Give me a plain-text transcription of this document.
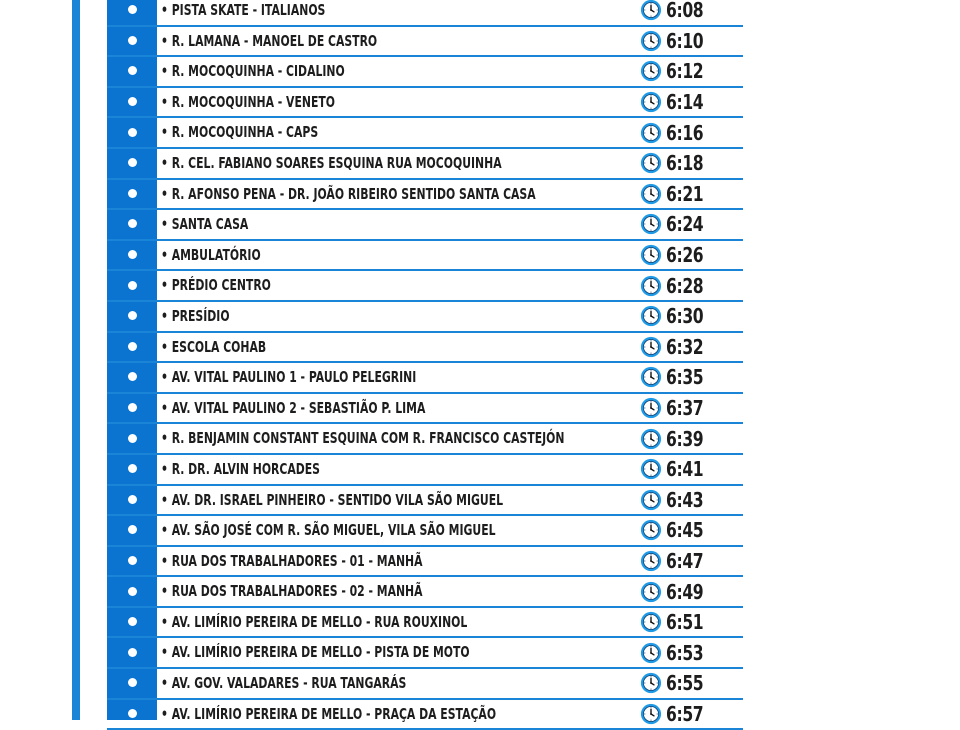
• PISTA SKATE - ITALIANOS	6:08
• R. LAMANA - MANOEL DE CASTRO	6:10
• R. MOCOQUINHA - CIDALINO	6:12
• R. MOCOQUINHA - VENETO	6:14
• R. MOCOQUINHA - CAPS	6:16
• R. CEL. FABIANO SOARES ESQUINA RUA MOCOQUINHA	6:18
• R. AFONSO PENA - DR. JOÃO RIBEIRO SENTIDO SANTA CASA	6:21
• SANTA CASA	6:24
• AMBULATÓRIO	6:26
• PRÉDIO CENTRO	6:28
• PRESÍDIO	6:30
• ESCOLA COHAB	6:32
• AV. VITAL PAULINO 1 - PAULO PELEGRINI	6:35
• AV. VITAL PAULINO 2 - SEBASTIÃO P. LIMA	6:37
• R. BENJAMIN CONSTANT ESQUINA COM R. FRANCISCO CASTEJÓN	6:39
• R. DR. ALVIN HORCADES	6:41
• AV. DR. ISRAEL PINHEIRO - SENTIDO VILA SÃO MIGUEL	6:43
• AV. SÃO JOSÉ COM R. SÃO MIGUEL, VILA SÃO MIGUEL	6:45
• RUA DOS TRABALHADORES - 01 - MANHÃ	6:47
• RUA DOS TRABALHADORES - 02 - MANHÃ	6:49
• AV. LIMÍRIO PEREIRA DE MELLO - RUA ROUXINOL	6:51
• AV. LIMÍRIO PEREIRA DE MELLO - PISTA DE MOTO	6:53
• AV. GOV. VALADARES - RUA TANGARÁS	6:55
• AV. LIMÍRIO PEREIRA DE MELLO - PRAÇA DA ESTAÇÃO	6:57
